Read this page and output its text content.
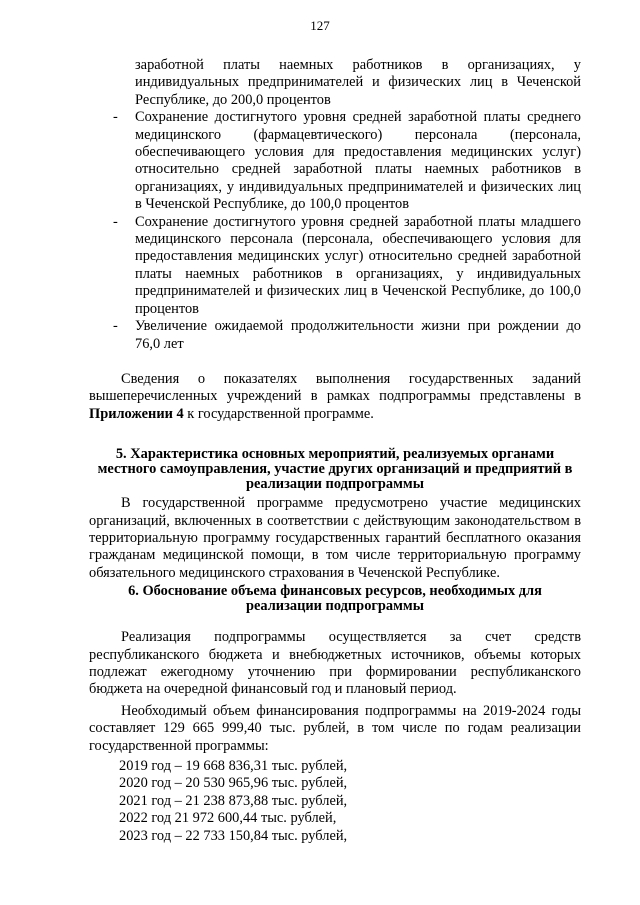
127
заработной платы наемных работников в организациях, у индивидуальных предпринимателей и физических лиц в Чеченской Республике, до 200,0 процентов
- Сохранение достигнутого уровня средней заработной платы среднего медицинского (фармацевтического) персонала (персонала, обеспечивающего условия для предоставления медицинских услуг) относительно средней заработной платы наемных работников в организациях, у индивидуальных предпринимателей и физических лиц в Чеченской Республике, до 100,0 процентов
- Сохранение достигнутого уровня средней заработной платы младшего медицинского персонала (персонала, обеспечивающего условия для предоставления медицинских услуг) относительно средней заработной платы наемных работников в организациях, у индивидуальных предпринимателей и физических лиц в Чеченской Республике, до 100,0 процентов
- Увеличение ожидаемой продолжительности жизни при рождении до 76,0 лет

Сведения о показателях выполнения государственных заданий вышеперечисленных учреждений в рамках подпрограммы представлены в Приложении 4 к государственной программе.

5. Характеристика основных мероприятий, реализуемых органами местного самоуправления, участие других организаций и предприятий в реализации подпрограммы

В государственной программе предусмотрено участие медицинских организаций, включенных в соответствии с действующим законодательством в территориальную программу государственных гарантий бесплатного оказания гражданам медицинской помощи, в том числе территориальную программу обязательного медицинского страхования в Чеченской Республике.

6. Обоснование объема финансовых ресурсов, необходимых для реализации подпрограммы

Реализация подпрограммы осуществляется за счет средств республиканского бюджета и внебюджетных источников, объемы которых подлежат ежегодному уточнению при формировании республиканского бюджета на очередной финансовый год и плановый период.

Необходимый объем финансирования подпрограммы на 2019-2024 годы составляет 129 665 999,40 тыс. рублей, в том числе по годам реализации государственной программы:

2019 год – 19 668 836,31 тыс. рублей,
2020 год – 20 530 965,96 тыс. рублей,
2021 год – 21 238 873,88 тыс. рублей,
2022 год 21 972 600,44 тыс. рублей,
2023 год – 22 733 150,84 тыс. рублей,
